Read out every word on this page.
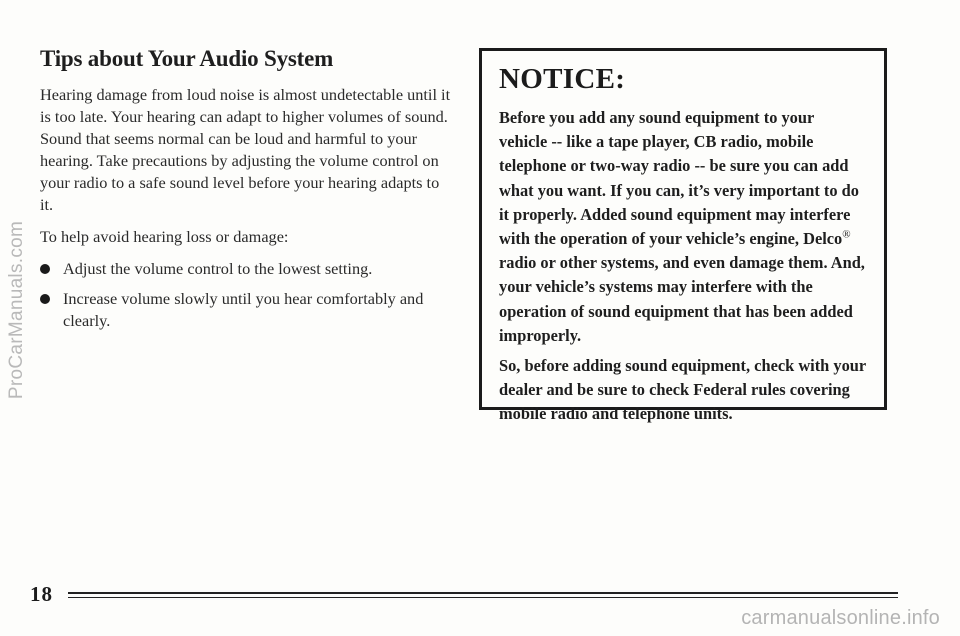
ProCarManuals.com
Tips about Your Audio System

Hearing damage from loud noise is almost undetectable until it is too late. Your hearing can adapt to higher volumes of sound. Sound that seems normal can be loud and harmful to your hearing. Take precautions by adjusting the volume control on your radio to a safe sound level before your hearing adapts to it.

To help avoid hearing loss or damage:

Adjust the volume control to the lowest setting.
Increase volume slowly until you hear comfortably and clearly.
NOTICE:

Before you add any sound equipment to your vehicle -- like a tape player, CB radio, mobile telephone or two-way radio -- be sure you can add what you want. If you can, it’s very important to do it properly. Added sound equipment may interfere with the operation of your vehicle’s engine, Delco® radio or other systems, and even damage them. And, your vehicle’s systems may interfere with the operation of sound equipment that has been added improperly.

So, before adding sound equipment, check with your dealer and be sure to check Federal rules covering mobile radio and telephone units.

18
carmanualsonline.info
